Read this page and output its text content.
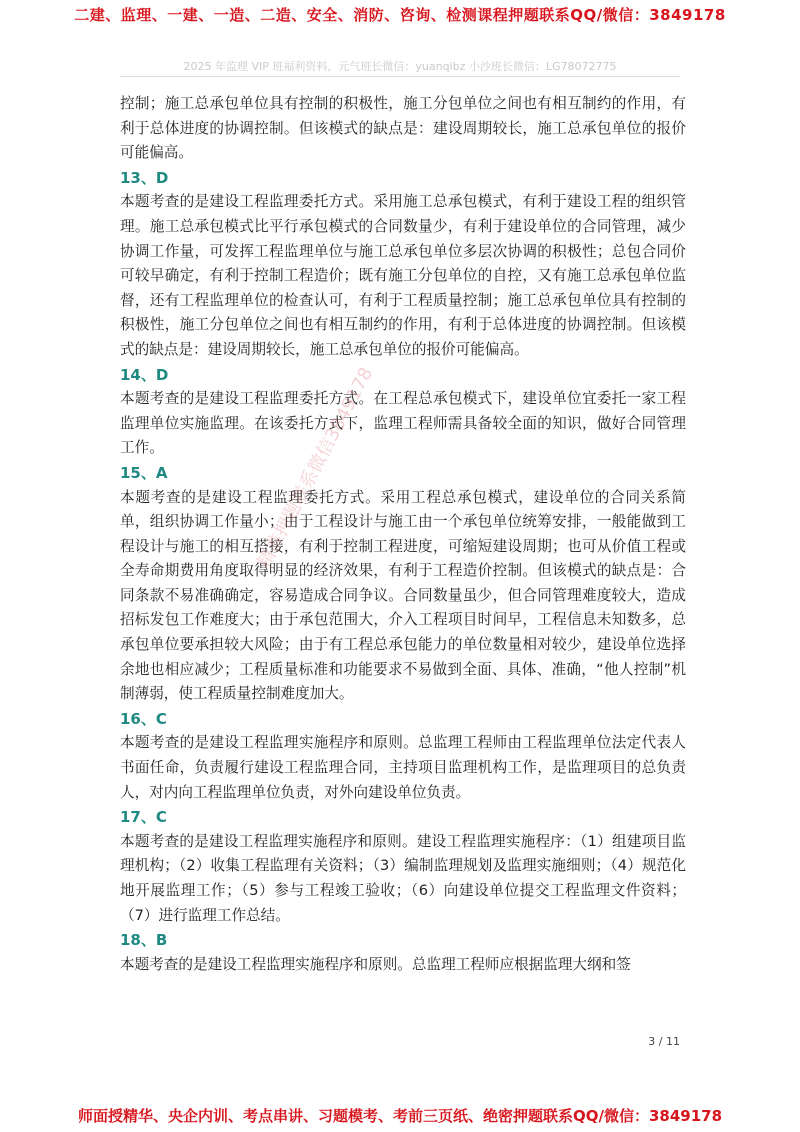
二建、监理、一建、一造、二造、安全、消防、咨询、检测课程押题联系QQ/微信：3849178
2025 年监理 VIP 班福利资料，元气班长微信：yuanqibz 小沙班长微信：LG78072775

控制；施工总承包单位具有控制的积极性，施工分包单位之间也有相互制约的作用，有利于总体进度的协调控制。但该模式的缺点是：建设周期较长，施工总承包单位的报价可能偏高。

13、D

本题考查的是建设工程监理委托方式。采用施工总承包模式，有利于建设工程的组织管理。施工总承包模式比平行承包模式的合同数量少，有利于建设单位的合同管理，减少协调工作量，可发挥工程监理单位与施工总承包单位多层次协调的积极性；总包合同价可较早确定，有利于控制工程造价；既有施工分包单位的自控，又有施工总承包单位监督，还有工程监理单位的检查认可，有利于工程质量控制；施工总承包单位具有控制的积极性，施工分包单位之间也有相互制约的作用，有利于总体进度的协调控制。但该模式的缺点是：建设周期较长，施工总承包单位的报价可能偏高。

14、D

本题考查的是建设工程监理委托方式。在工程总承包模式下，建设单位宜委托一家工程监理单位实施监理。在该委托方式下，监理工程师需具备较全面的知识，做好合同管理工作。

15、A

本题考查的是建设工程监理委托方式。采用工程总承包模式，建设单位的合同关系简单，组织协调工作量小；由于工程设计与施工由一个承包单位统筹安排，一般能做到工程设计与施工的相互搭接，有利于控制工程进度，可缩短建设周期；也可从价值工程或全寿命期费用角度取得明显的经济效果，有利于工程造价控制。但该模式的缺点是：合同条款不易准确确定，容易造成合同争议。合同数量虽少，但合同管理难度较大，造成招标发包工作难度大；由于承包范围大，介入工程项目时间早，工程信息未知数多，总承包单位要承担较大风险；由于有工程总承包能力的单位数量相对较少，建设单位选择余地也相应减少；工程质量标准和功能要求不易做到全面、具体、准确，“他人控制”机制薄弱，使工程质量控制难度加大。

16、C

本题考查的是建设工程监理实施程序和原则。总监理工程师由工程监理单位法定代表人书面任命，负责履行建设工程监理合同，主持项目监理机构工作，是监理项目的总负责人，对内向工程监理单位负责，对外向建设单位负责。

17、C

本题考查的是建设工程监理实施程序和原则。建设工程监理实施程序：（1）组建项目监理机构；（2）收集工程监理有关资料；（3）编制监理规划及监理实施细则；（4）规范化地开展监理工作；（5）参与工程竣工验收；（6）向建设单位提交工程监理文件资料；（7）进行监理工作总结。

18、B

本题考查的是建设工程监理实施程序和原则。总监理工程师应根据监理大纲和签

精准押题联系微信3849178
3 / 11
师面授精华、央企内训、考点串讲、习题模考、考前三页纸、绝密押题联系QQ/微信：3849178
